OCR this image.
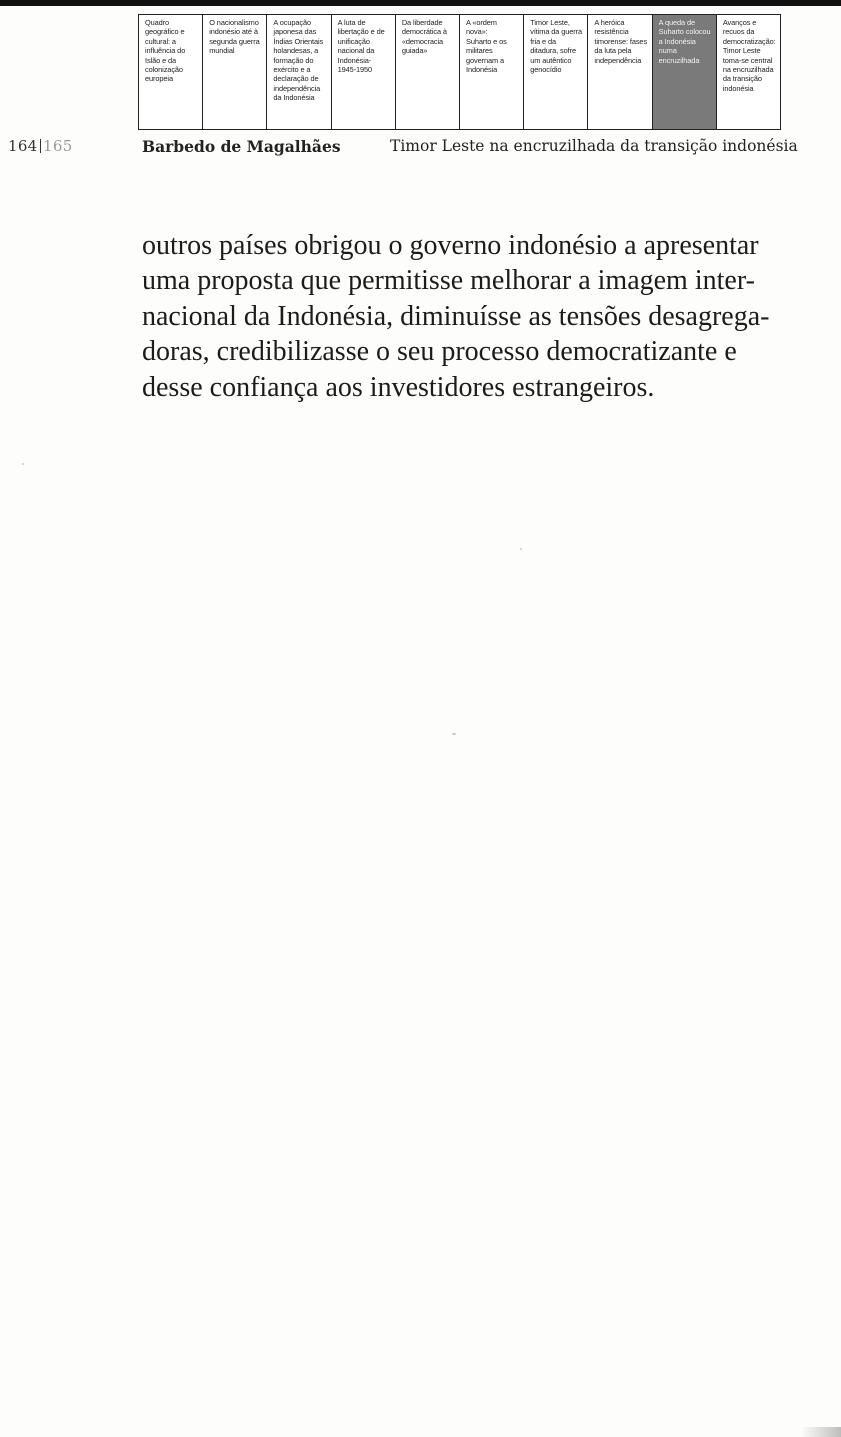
Quadro
geográfico e
cultural: a
influência do
Islão e da
colonização
europeia
O nacionalismo
indonésio até à
segunda guerra
mundial
A ocupação
japonesa das
Índias Orientais
holandesas, a
formação do
exército e a
declaração de
independência
da Indonésia
A luta de
libertação e de
unificação
nacional da
Indonésia-
1945-1950
Da liberdade
democrática à
«democracia
guiada»
A «ordem nova»:
Suharto e os
militares
governam a
Indonésia
Timor Leste,
vítima da guerra
fria e da
ditadura, sofre
um autêntico
genocídio
A heróica
resistência
timorense: fases
da luta pela
independência
A queda de
Suharto colocou
a Indonésia
numa
encruzilhada
Avanços e
recuos da
democratização:
Timor Leste
toma-se central
na encruzilhada
da transição
indonésia
164 165	Barbedo de Magalhães	Timor Leste na encruzilhada da transição indonésia
outros países obrigou o governo indonésio a apresentar
uma proposta que permitisse melhorar a imagem inter-
nacional da Indonésia, diminuísse as tensões desagrega-
doras, credibilizasse o seu processo democratizante e
desse confiança aos investidores estrangeiros.
